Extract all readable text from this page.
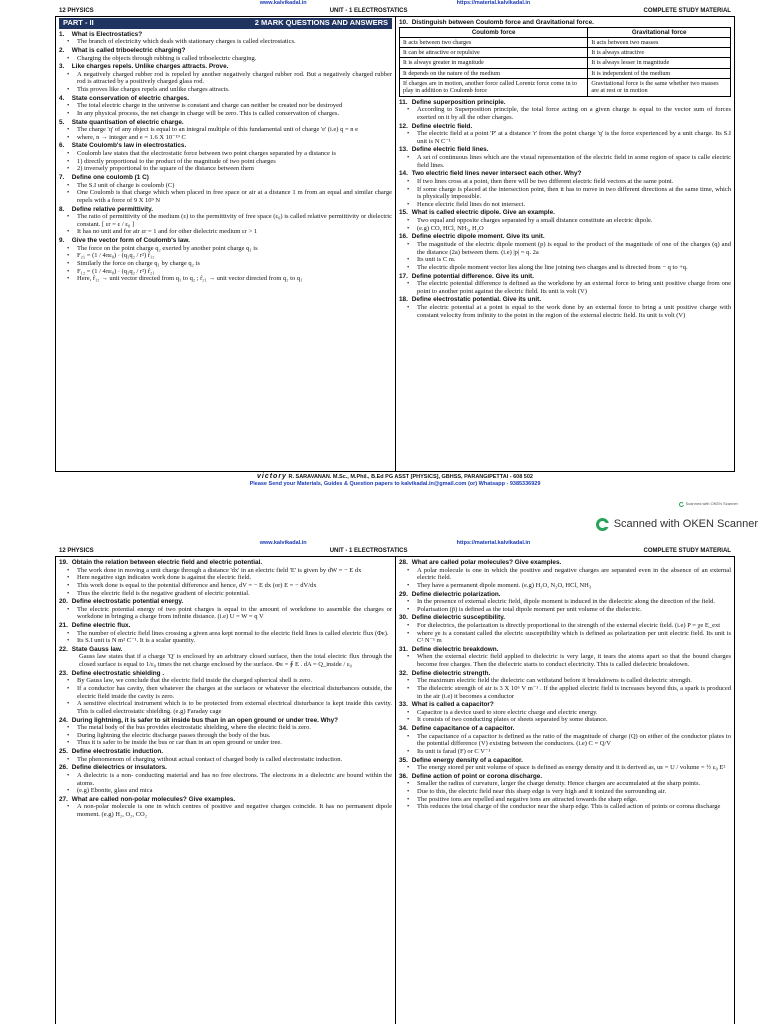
www.kalvikadal.in	https://material.kalvikadal.in
12 PHYSICS	UNIT - 1 ELECTROSTATICS	COMPLETE STUDY MATERIAL
PART - II	2 MARK QUESTIONS AND ANSWERS
1. What is Electrostatics?
• The branch of electricity which deals with stationary charges is called electrostatics.
2. What is called triboelectric charging?
• Charging the objects through rubbing is called triboelectric charging.
3. Like charges repels. Unlike charges attracts. Prove.
• A negatively charged rubber rod is repeled by another negatively charged rubber rod. But a negatively charged rubber rod is attracted by a positively charged glass rod.
• This proves like charges repels and unlike charges attracts.
4. State conservation of electric charges.
• The total electric charge in the universe is constant and charge can neither be created nor be destroyed
• In any physical process, the net change in charge will be zero. This is called conservation of charges.
5. State quantisation of electric charge.
• The charge 'q' of any object is equal to an integral multiple of this fundamental unit of charge 'e' (i.e) q = n e
• where, n → integer and e = 1.6 X 10⁻¹⁹ C
6. State Coulomb's law in electrostatics.
• Coulomb law states that the electrostatic force between two point charges separated by a distance is
• 1) directly proportional to the product of the magnitude of two point charges
• 2) inversely proportional to the square of the distance between them
7. Define one coulomb (1 C)
• The S.I unit of charge is coulomb (C)
• One Coulomb is that charge which when placed in free space or air at a distance 1 m from an equal and similar charge repels with a force of 9 X 10⁹ N
8. Define relative permittivity.
• The ratio of permittivity of the medium (ε) to the permittivity of free space (ε₀) is called relative permittivity or dielectric constant. [ εr = ε / ε₀ ]
• It has no unit and for air εr = 1 and for other dielectric medium εr > 1
9. Give the vector form of Coulomb's law.
• The force on the point charge q₂ exerted by another point charge q₁ is
• F₂₁ = (1 / 4πε₀) · (q₁q₂ / r²) r̂₁₂
• Similarly the force on charge q₁ by charge q₂ is
• F₁₂ = (1 / 4πε₀) · (q₁q₂ / r²) r̂₂₁
• Here, r̂₁₂ → unit vector directed from q₁ to q₂ ; r̂₂₁ → unit vector directed from q₂ to q₁
10. Distinguish between Coulomb force and Gravitational force.
Coulomb force	Gravitational force
It acts between two charges	It acts between two masses
It can be attractive or repulsive	It is always attractive
It is always greater in magnitude	It is always lesser in magnitude
It depends on the nature of the medium	It is independent of the medium
If charges are in motion, another force called Lorentz force come in to play in addition to Coulomb force	Gravitational force is the same whether two masses are at rest or in motion
11. Define superposition principle.
• According to Superposition principle, the total force acting on a given charge is equal to the vector sum of forces exerted on it by all the other charges.
12. Define electric field.
• The electric field at a point 'P' at a distance 'r' from the point charge 'q' is the force experienced by a unit charge. Its S.I unit is N C⁻¹
13. Define electric field lines.
• A set of continuous lines which are the visual representation of the electric field in some region of space is calle electric field lines.
14. Two electric field lines never intersect each other. Why?
• If two lines cross at a point, then there will be two different electric field vectors at the same point.
• If some charge is placed at the intersection point, then it has to move in two different directions at the same time, which is physically impossible.
• Hence electric field lines do not intersect.
15. What is called electric dipole. Give an example.
• Two equal and opposite charges separated by a small distance constitute an electric dipole.
• (e.g) CO, HCl, NH₃, H₂O
16. Define electric dipole moment. Give its unit.
• The magnitude of the electric dipole moment (p) is equal to the product of the magnitude of one of the charges (q) and the distance (2a) between them. (i.e) |p| = q. 2a
• Its unit is C m.
• The electric dipole moment vector lies along the line joining two charges and is directed from − q to +q.
17. Define potential difference. Give its unit.
• The electric potential difference is defined as the workdone by an external force to bring unit positive charge from one point to another point against the electric field. Its unit is volt (V)
18. Define electrostatic potential. Give its unit.
• The electric potential at a point is equal to the work done by an external force to bring a unit positive charge with constant velocity from infinity to the point in the region of the external electric field. Its unit is volt (V)
victory R. SARAVANAN. M.Sc., M.Phil., B.Ed PG ASST [PHYSICS], GBHSS, PARANGIPETTAI - 608 502
Please Send your Materials, Guides & Question papers to kalvikadal.in@gmail.com (or) Whatsapp - 9385336929
Scanned with OKEN Scanner
Scanned with OKEN Scanner
www.kalvikadal.in	https://material.kalvikadal.in
12 PHYSICS	UNIT - 1 ELECTROSTATICS	COMPLETE STUDY MATERIAL
19. Obtain the relation between electric field and electric potential.
• The work done in moving a unit charge through a distance 'dx' in an electric field 'E' is given by dW = − E dx
• Here negative sign indicates work done is against the electric field.
• This work done is equal to the potential difference and hence, dV = − E dx (or) E = − dV/dx
• Thus the electric field is the negative gradient of electric potential.
20. Define electrostatic potential energy.
• The electric potential energy of two point charges is equal to the amount of workdone to assemble the charges or workdone in bringing a charge from infinite distance. (i.e) U = W = q V
21. Define electric flux.
• The number of electric field lines crossing a given area kept normal to the electric field lines is called electric flux (Φᴇ).
• Its S.I unit is N m² C⁻¹. It is a scalar quantity.
22. State Gauss law.
Gauss law states that if a charge 'Q' is enclosed by an arbitrary closed surface, then the total electric flux through the closed surface is equal to 1/ε₀ times the net charge enclosed by the surface. Φᴇ = ∮ E . dA = Q_inside / ε₀
23. Define electrostatic shielding .
• By Gauss law, we conclude that the electric field inside the charged spherical shell is zero.
• If a conductor has cavity, then whatever the charges at the surfaces or whatever the electrical disturbances outside, the electric field inside the cavity is zero.
• A sensitive electrical instrument which is to be protected from external electrical disturbance is kept inside this cavity. This is called electrostatic shielding. (e.g) Faraday cage
24. During lightning, it is safer to sit inside bus than in an open ground or under tree. Why?
• The metal body of the bus provides electrostatic shielding, where the electric field is zero.
• During lightning the electric discharge passes through the body of the bus.
• Thus it is safer to be inside the bus or car than in an open ground or under tree.
25. Define electrostatic induction.
• The phenomenom of charging without actual contact of charged body is called electrostatic induction.
26. Define dielectrics or insulators.
• A dielectric is a non- conducting material and has no free electrons. The electrons in a dielectric are bound within the atoms.
• (e.g) Ebonite, glass and mica
27. What are called non-polar molecules? Give examples.
• A non-polar molecule is one in which centres of positive and negative charges coincide. It has no permanent dipole moment. (e.g) H₂, O₂, CO₂
28. What are called polar molecules? Give examples.
• A polar molecule is one in which the positive and negative charges are separated even in the absence of an external electric field.
• They have a permanent dipole moment. (e.g) H₂O, N₂O, HCl, NH₃
29. Define dielectric polarization.
• In the presence of external electric field, dipole moment is induced in the dielectric along the direction of the field.
• Polarisation (p̄) is defined as the total dipole moment per unit volume of the dielectric.
30. Define dielectric susceptibility.
• For dielectrics, the polarization is directly proportional to the strength of the external electric field. (i.e) P = χe E_ext
• where χe is a constant called the electric susceptibility which is defined as polarization per unit electric field. Its unit is C² N⁻¹ m
31. Define dielectric breakdown.
• When the external electric field applied to dielectric is very large, it tears the atoms apart so that the bound charges become free charges. Then the dielectric starts to conduct electricity. This is called dielectric breakdown.
32. Define dielectric strength.
• The maximum electric field the dielectric can withstand before it breakdowns is called dielectric strength.
• The dielectric strength of air is 3 X 10⁶ V m⁻¹ . If the applied electric field is increases beyond this, a spark is produced in the air (i.e) it becomes a conductor
33. What is called a capacitor?
• Capacitor is a device used to store electric charge and electric energy.
• It consists of two conducting plates or sheets separated by some distance.
34. Define capacitance of a capacitor.
• The capacitance of a capacitor is defined as the ratio of the magnitude of charge (Q) on either of the conductor plates to the potential difference (V) existing between the conductors. (i.e) C = Q/V
• Its unit is farad (F) or C V⁻¹
35. Define energy density of a capacitor.
• The energy stored per unit volume of space is defined as energy density and it is derived as, uᴇ = U / volume = ½ ε₀ E²
36. Define action of point or corona discharge.
• Smaller the radius of curvature, larger the charge density. Hence charges are accumulated at the sharp points.
• Due to this, the electric field near this sharp edge is very high and it ionized the surrounding air.
• The positive ions are repelled and negative ions are attracted towards the sharp edge.
• This reduces the total charge of the conductor near the sharp edge. This is called action of points or corona discharge
